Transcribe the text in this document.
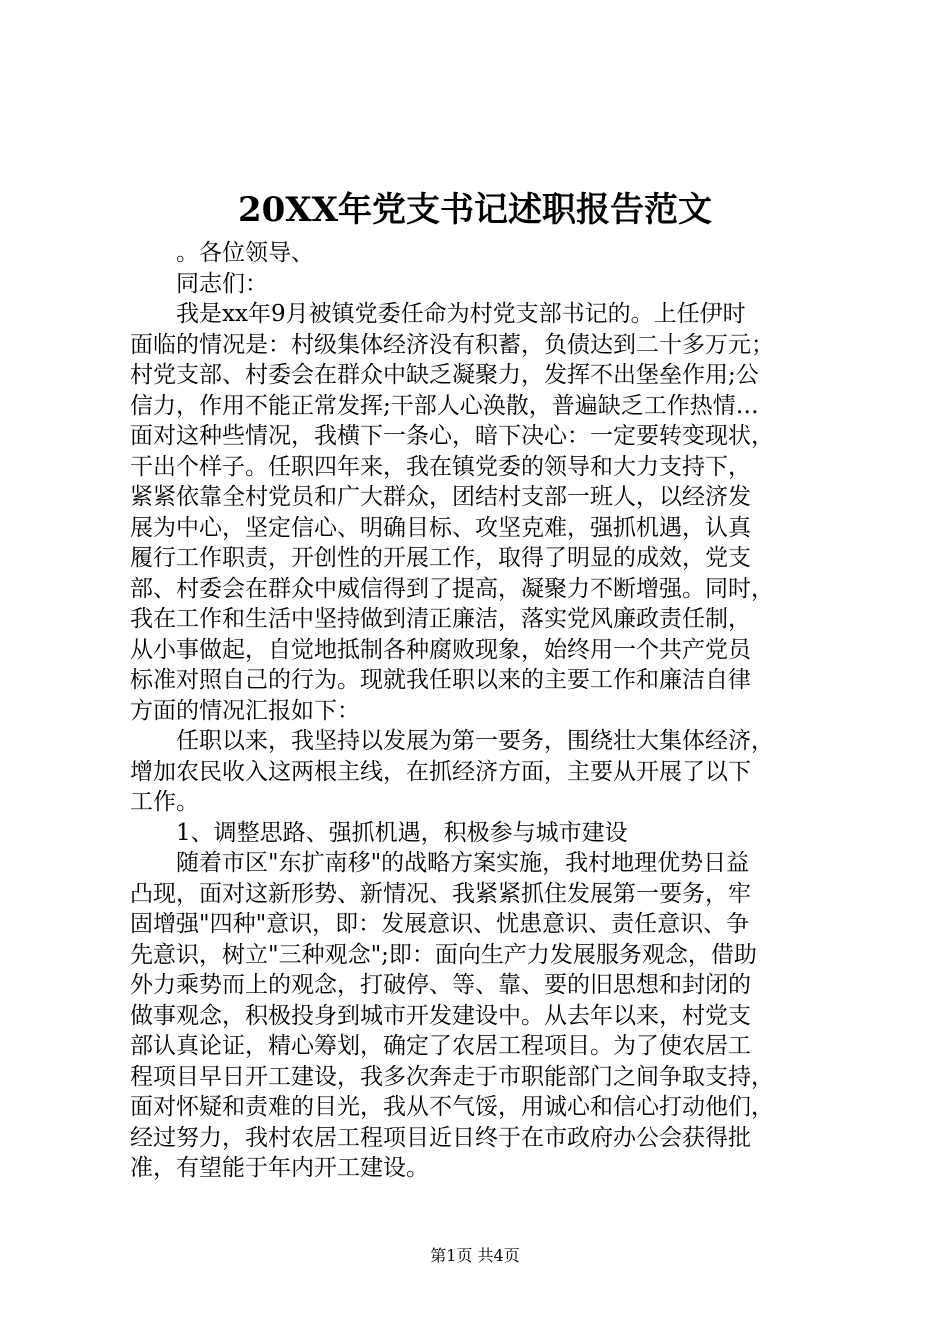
20XX年党支书记述职报告范文
。各位领导、
同志们：
我是xx年9月被镇党委任命为村党支部书记的。上任伊时
面临的情况是：村级集体经济没有积蓄，负债达到二十多万元；
村党支部、村委会在群众中缺乏凝聚力，发挥不出堡垒作用;公
信力，作用不能正常发挥;干部人心涣散，普遍缺乏工作热情…
面对这种些情况，我横下一条心，暗下决心：一定要转变现状，
干出个样子。任职四年来，我在镇党委的领导和大力支持下，
紧紧依靠全村党员和广大群众，团结村支部一班人，以经济发
展为中心，坚定信心、明确目标、攻坚克难，强抓机遇，认真
履行工作职责，开创性的开展工作，取得了明显的成效，党支
部、村委会在群众中威信得到了提高，凝聚力不断增强。同时，
我在工作和生活中坚持做到清正廉洁，落实党风廉政责任制，
从小事做起，自觉地抵制各种腐败现象，始终用一个共产党员
标准对照自己的行为。现就我任职以来的主要工作和廉洁自律
方面的情况汇报如下：
任职以来，我坚持以发展为第一要务，围绕壮大集体经济，
增加农民收入这两根主线，在抓经济方面，主要从开展了以下
工作。
1、调整思路、强抓机遇，积极参与城市建设
随着市区"东扩南移"的战略方案实施，我村地理优势日益
凸现，面对这新形势、新情况、我紧紧抓住发展第一要务，牢
固增强"四种"意识，即：发展意识、忧患意识、责任意识、争
先意识，树立"三种观念";即：面向生产力发展服务观念，借助
外力乘势而上的观念，打破停、等、靠、要的旧思想和封闭的
做事观念，积极投身到城市开发建设中。从去年以来，村党支
部认真论证，精心筹划，确定了农居工程项目。为了使农居工
程项目早日开工建设，我多次奔走于市职能部门之间争取支持，
面对怀疑和责难的目光，我从不气馁，用诚心和信心打动他们，
经过努力，我村农居工程项目近日终于在市政府办公会获得批
准，有望能于年内开工建设。
第1页 共4页
